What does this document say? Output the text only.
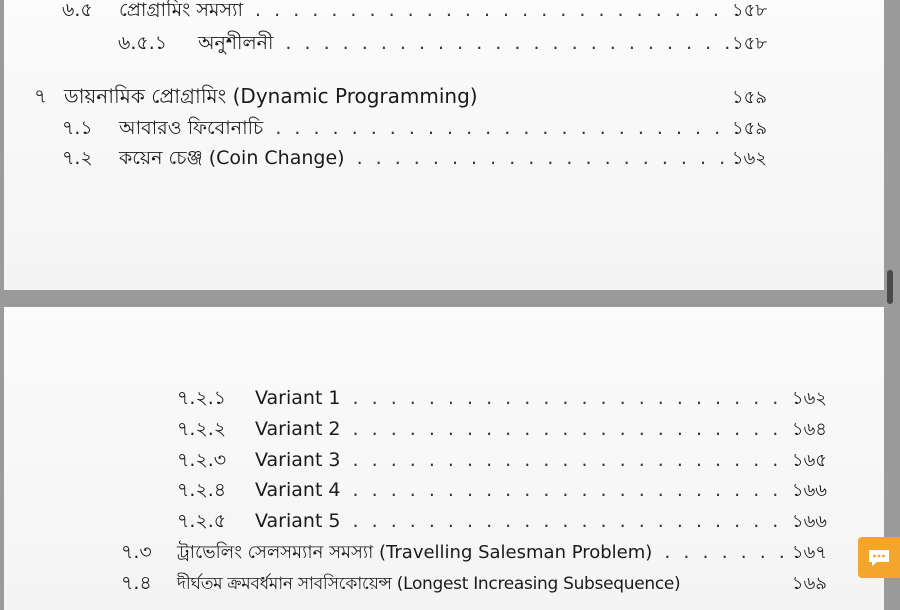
৬.৫	প্রোগ্রামিং সমস্যা . . .	১৫৮
৬.৫.১	অনুশীলনী . . .	১৫৮
৭ ডায়নামিক প্রোগ্রামিং (Dynamic Programming)	১৫৯
৭.১	আবারও ফিবোনাচি . . .	১৫৯
৭.২	কয়েন চেঞ্জ (Coin Change) . . .	১৬২
৭.২.১	Variant 1 . . .	১৬২
৭.২.২	Variant 2 . . .	১৬৪
৭.২.৩	Variant 3 . . .	১৬৫
৭.২.৪	Variant 4 . . .	১৬৬
৭.২.৫	Variant 5 . . .	১৬৬
৭.৩	ট্রাভেলিং সেলসম্যান সমস্যা (Travelling Salesman Problem) . . .	১৬৭
৭.৪	দীর্ঘতম ক্রমবর্ধমান সাবসিকোয়েন্স (Longest Increasing Subsequence)	১৬৯
